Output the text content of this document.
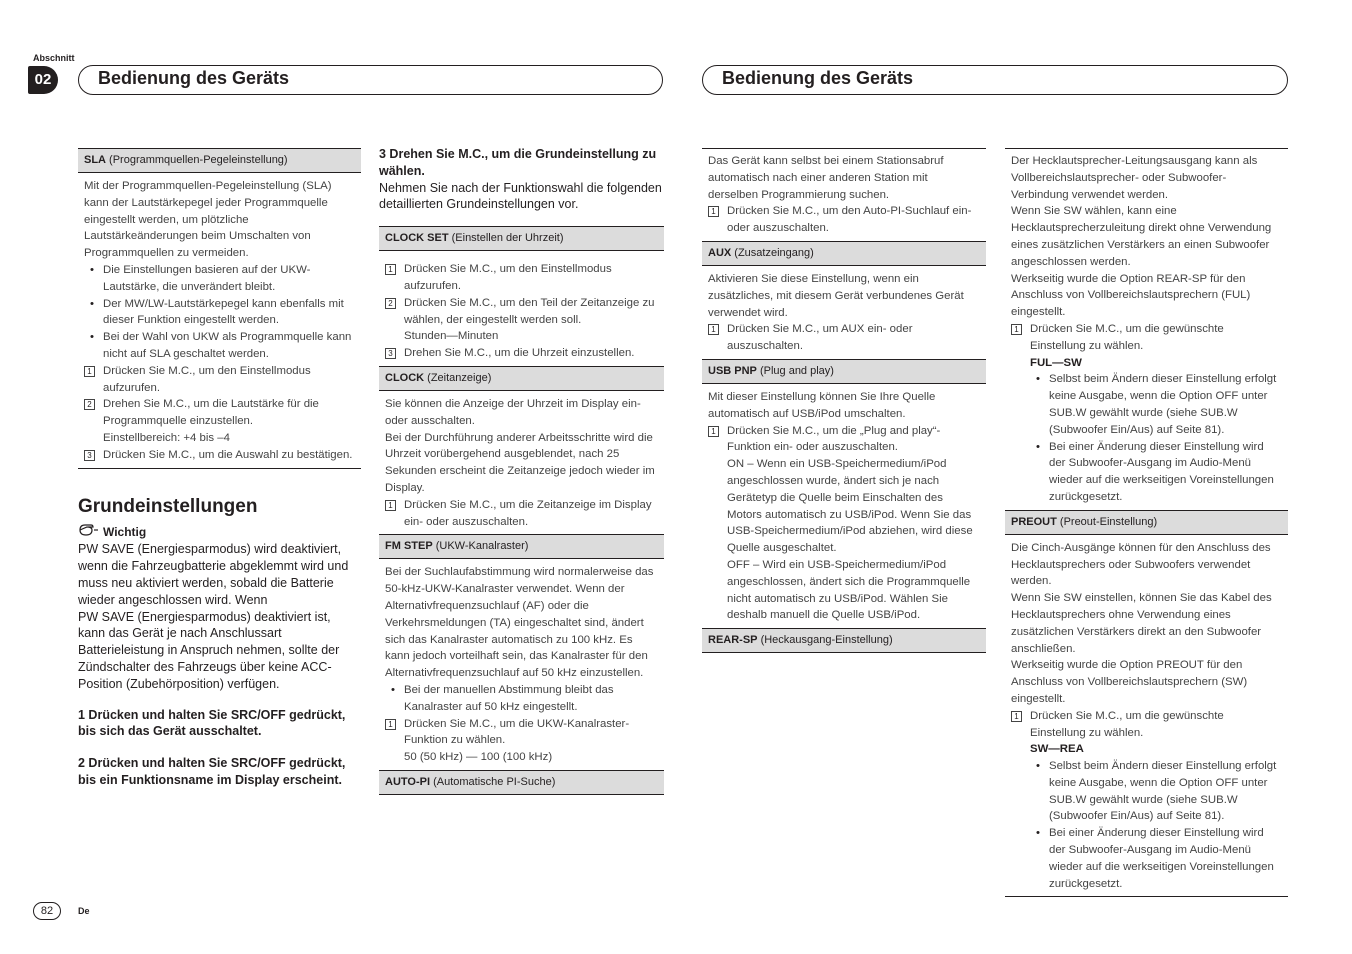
Abschnitt
02	Bedienung des Geräts	Bedienung des Geräts
SLA (Programmquellen-Pegeleinstellung)

Mit der Programmquellen-Pegeleinstellung (SLA) kann der Lautstärkepegel jeder Programmquelle eingestellt werden, um plötzliche Lautstärkeänderungen beim Umschalten von Programmquellen zu vermeiden.

• Die Einstellungen basieren auf der UKW-Lautstärke, die unverändert bleibt.

• Der MW/LW-Lautstärkepegel kann ebenfalls mit dieser Funktion eingestellt werden.

• Bei der Wahl von UKW als Programmquelle kann nicht auf SLA geschaltet werden.

1 Drücken Sie M.C., um den Einstellmodus aufzurufen.
2 Drehen Sie M.C., um die Lautstärke für die Programmquelle einzustellen.
Einstellbereich: +4 bis –4
3 Drücken Sie M.C., um die Auswahl zu bestätigen.
Grundeinstellungen
Wichtig

PW SAVE (Energiesparmodus) wird deaktiviert, wenn die Fahrzeugbatterie abgeklemmt wird und muss neu aktiviert werden, sobald die Batterie wieder angeschlossen wird. Wenn

PW SAVE (Energiesparmodus) deaktiviert ist, kann das Gerät je nach Anschlussart Batterieleistung in Anspruch nehmen, sollte der Zündschalter des Fahrzeugs über keine ACC-Position (Zubehörposition) verfügen.

1 Drücken und halten Sie SRC/OFF gedrückt, bis sich das Gerät ausschaltet.

2 Drücken und halten Sie SRC/OFF gedrückt, bis ein Funktionsname im Display erscheint.

3 Drehen Sie M.C., um die Grundeinstellung zu wählen.

Nehmen Sie nach der Funktionswahl die folgenden detaillierten Grundeinstellungen vor.

CLOCK SET (Einstellen der Uhrzeit)
1 Drücken Sie M.C., um den Einstellmodus aufzurufen.
2 Drücken Sie M.C., um den Teil der Zeitanzeige zu wählen, der eingestellt werden soll.
Stunden—Minuten
3 Drehen Sie M.C., um die Uhrzeit einzustellen.
CLOCK (Zeitanzeige)

Sie können die Anzeige der Uhrzeit im Display ein- oder ausschalten.

Bei der Durchführung anderer Arbeitsschritte wird die Uhrzeit vorübergehend ausgeblendet, nach 25 Sekunden erscheint die Zeitanzeige jedoch wieder im Display.

1 Drücken Sie M.C., um die Zeitanzeige im Display ein- oder auszuschalten.
FM STEP (UKW-Kanalraster)

Bei der Suchlaufabstimmung wird normalerweise das 50-kHz-UKW-Kanalraster verwendet. Wenn der Alternativfrequenzsuchlauf (AF) oder die Verkehrsmeldungen (TA) eingeschaltet sind, ändert sich das Kanalraster automatisch zu 100 kHz. Es kann jedoch vorteilhaft sein, das Kanalraster für den Alternativfrequenzsuchlauf auf 50 kHz einzustellen.

• Bei der manuellen Abstimmung bleibt das Kanalraster auf 50 kHz eingestellt.

1 Drücken Sie M.C., um die UKW-Kanalraster-Funktion zu wählen.
50 (50 kHz) — 100 (100 kHz)
AUTO-PI (Automatische PI-Suche)

Das Gerät kann selbst bei einem Stationsabruf automatisch nach einer anderen Station mit derselben Programmierung suchen.

1 Drücken Sie M.C., um den Auto-PI-Suchlauf ein- oder auszuschalten.
AUX (Zusatzeingang)

Aktivieren Sie diese Einstellung, wenn ein zusätzliches, mit diesem Gerät verbundenes Gerät verwendet wird.

1 Drücken Sie M.C., um AUX ein- oder auszuschalten.
USB PNP (Plug and play)

Mit dieser Einstellung können Sie Ihre Quelle automatisch auf USB/iPod umschalten.

1 Drücken Sie M.C., um die „Plug and play“-Funktion ein- oder auszuschalten.

ON – Wenn ein USB-Speichermedium/iPod angeschlossen wurde, ändert sich je nach Gerätetyp die Quelle beim Einschalten des Motors automatisch zu USB/iPod. Wenn Sie das USB-Speichermedium/iPod abziehen, wird diese Quelle ausgeschaltet.

OFF – Wird ein USB-Speichermedium/iPod angeschlossen, ändert sich die Programmquelle nicht automatisch zu USB/iPod. Wählen Sie deshalb manuell die Quelle USB/iPod.

REAR-SP (Heckausgang-Einstellung)

Der Hecklautsprecher-Leitungsausgang kann als Vollbereichslautsprecher- oder Subwoofer-Verbindung verwendet werden.

Wenn Sie SW wählen, kann eine Hecklautsprecherzuleitung direkt ohne Verwendung eines zusätzlichen Verstärkers an einen Subwoofer angeschlossen werden.

Werkseitig wurde die Option REAR-SP für den Anschluss von Vollbereichslautsprechern (FUL) eingestellt.

1 Drücken Sie M.C., um die gewünschte Einstellung zu wählen.
FUL—SW

• Selbst beim Ändern dieser Einstellung erfolgt keine Ausgabe, wenn die Option OFF unter SUB.W gewählt wurde (siehe SUB.W (Subwoofer Ein/Aus) auf Seite 81).

• Bei einer Änderung dieser Einstellung wird der Subwoofer-Ausgang im Audio-Menü wieder auf die werkseitigen Voreinstellungen zurückgesetzt.

PREOUT (Preout-Einstellung)

Die Cinch-Ausgänge können für den Anschluss des Hecklautsprechers oder Subwoofers verwendet werden.

Wenn Sie SW einstellen, können Sie das Kabel des Hecklautsprechers ohne Verwendung eines zusätzlichen Verstärkers direkt an den Subwoofer anschließen.

Werkseitig wurde die Option PREOUT für den Anschluss von Vollbereichslautsprechern (SW) eingestellt.

1 Drücken Sie M.C., um die gewünschte Einstellung zu wählen.
SW—REA

• Selbst beim Ändern dieser Einstellung erfolgt keine Ausgabe, wenn die Option OFF unter SUB.W gewählt wurde (siehe SUB.W (Subwoofer Ein/Aus) auf Seite 81).

• Bei einer Änderung dieser Einstellung wird der Subwoofer-Ausgang im Audio-Menü wieder auf die werkseitigen Voreinstellungen zurückgesetzt.

82	De
